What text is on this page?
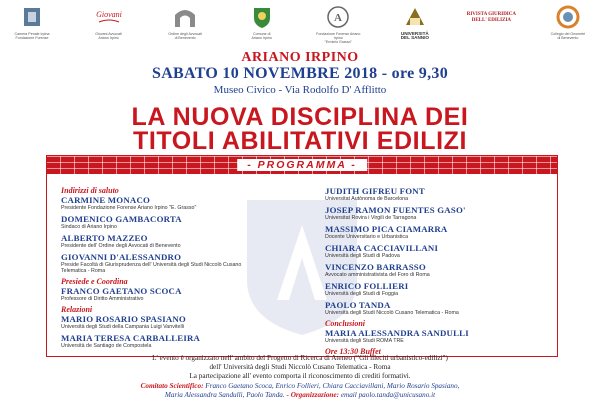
Camera Penale Irpina
Fondazione Forense
Giovani
Giovani Avvocati
Ariano Irpino
Ordine degli Avvocati
di Benevento
Comune di
Ariano Irpino
A
Fondazione Forense Ariano Irpino
"Erminio Grasso"
UNIVERSITÀ
DEL SANNIO
RIVISTA GIURIDICA
DELL' EDILIZIA
Collegio dei Geometri
di Benevento
ARIANO IRPINO
SABATO 10 NOVEMBRE 2018 - ore 9,30
Museo Civico - Via Rodolfo D' Afflitto
LA NUOVA DISCIPLINA DEI
TITOLI ABILITATIVI EDILIZI
- PROGRAMMA -
Indirizzi di saluto
CARMINE MONACO
Presidente Fondazione Forense Ariano Irpino "E. Grasso"
DOMENICO GAMBACORTA
Sindaco di Ariano Irpino
ALBERTO MAZZEO
Presidente dell' Ordine degli Avvocati di Benevento
GIOVANNI D'ALESSANDRO
Preside Facoltà di Giurisprudenza dell' Università degli Studi Niccolò Cusano Telematica - Roma
Presiede e Coordina
FRANCO GAETANO SCOCA
Professore di Diritto Amministrativo
Relazioni
MARIO ROSARIO SPASIANO
Università degli Studi della Campania Luigi Vanvitelli
MARIA TERESA CARBALLEIRA
Università de Santiago de Compostela
JUDITH GIFREU FONT
Universitat Autònoma de Barcelona
JOSEP RAMON FUENTES GASO'
Universitat Rovira i Virgili de Tarragona
MASSIMO PICA CIAMARRA
Docente Universitario e Urbanistica
CHIARA CACCIAVILLANI
Università degli Studi di Padova
VINCENZO BARRASSO
Avvocato amministrativista del Foro di Roma
ENRICO FOLLIERI
Università degli Studi di Foggia
PAOLO TANDA
Università degli Studi Niccolò Cusano Telematica - Roma
Conclusioni
MARIA ALESSANDRA SANDULLI
Università degli Studi ROMA TRE
Ore 13:30 Buffet
L' evento è organizzato nell' ambito del Progetto di Ricerca di Ateneo ("Gli illeciti urbanistico-edilizi")
dell' Università degli Studi Niccolò Cusano Telematica - Roma
La partecipazione all' evento comporta il riconoscimento di crediti formativi.
Comitato Scientifico: Franco Gaetano Scoca, Enrico Follieri, Chiara Cacciavillani, Mario Rosario Spasiano,
Maria Alessandra Sandulli, Paolo Tanda. - Organizzazione: email paolo.tanda@unicusano.it
